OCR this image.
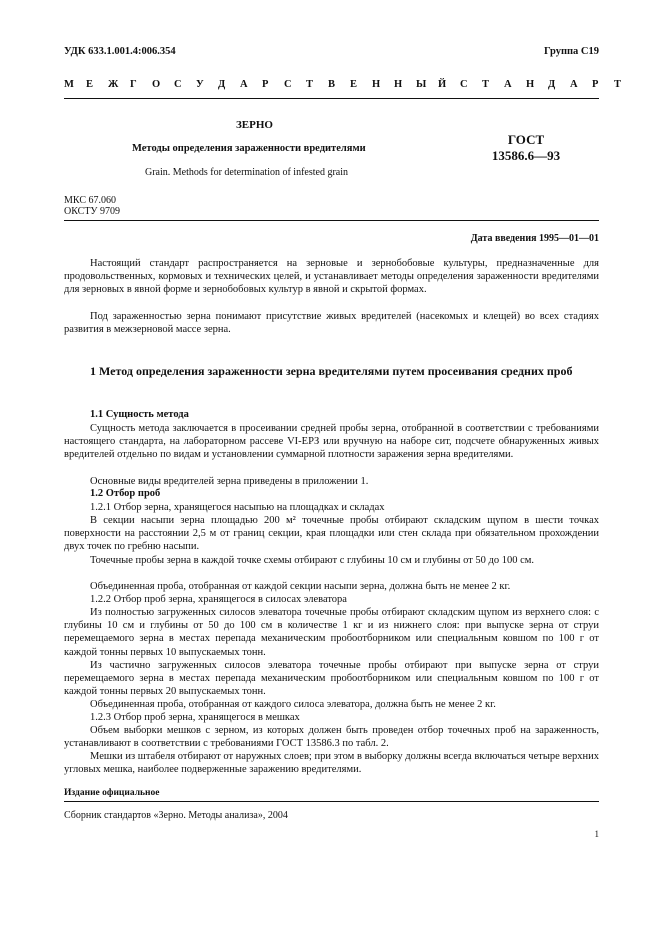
УДК 633.1.001.4:006.354	Группа С19
М	Е	Ж	Г	О	С	У	Д	А	Р	С	Т	В	Е	Н	Н	Ы	Й	С	Т	А	Н	Д	А	Р	Т
ЗЕРНО
Методы определения зараженности вредителями
Grain. Methods for determination of infested grain
ГОСТ
13586.6—93
МКС 67.060
ОКСТУ 9709
Дата введения 1995—01—01
Настоящий стандарт распространяется на зерновые и зернобобовые культуры, предназначенные для продовольственных, кормовых и технических целей, и устанавливает методы определения зараженности вредителями для зерновых в явной форме и зернобобовых культур в явной и скрытой формах.
Под зараженностью зерна понимают присутствие живых вредителей (насекомых и клещей) во всех стадиях развития в межзерновой массе зерна.
1 Метод определения зараженности зерна вредителями путем просеивания средних проб
1.1 Сущность метода
Сущность метода заключается в просеивании средней пробы зерна, отобранной в соответствии с требованиями настоящего стандарта, на лабораторном рассеве VI-ЕРЗ или вручную на наборе сит, подсчете обнаруженных живых вредителей отдельно по видам и установлении суммарной плотности заражения зерна вредителями.
Основные виды вредителей зерна приведены в приложении 1.
1.2 Отбор проб
1.2.1 Отбор зерна, хранящегося насыпью на площадках и складах
В секции насыпи зерна площадью 200 м² точечные пробы отбирают складским щупом в шести точках поверхности на расстоянии 2,5 м от границ секции, края площадки или стен склада при обязательном прохождении двух точек по гребню насыпи.
Точечные пробы зерна в каждой точке схемы отбирают с глубины 10 см и глубины от 50 до 100 см.
Объединенная проба, отобранная от каждой секции насыпи зерна, должна быть не менее 2 кг.
1.2.2 Отбор проб зерна, хранящегося в силосах элеватора
Из полностью загруженных силосов элеватора точечные пробы отбирают складским щупом из верхнего слоя: с глубины 10 см и глубины от 50 до 100 см в количестве 1 кг и из нижнего слоя: при выпуске зерна от струи перемещаемого зерна в местах перепада механическим пробоотборником или специальным ковшом по 100 г от каждой тонны первых 10 выпускаемых тонн.
Из частично загруженных силосов элеватора точечные пробы отбирают при выпуске зерна от струи перемещаемого зерна в местах перепада механическим пробоотборником или специальным ковшом по 100 г от каждой тонны первых 20 выпускаемых тонн.
Объединенная проба, отобранная от каждого силоса элеватора, должна быть не менее 2 кг.
1.2.3 Отбор проб зерна, хранящегося в мешках
Объем выборки мешков с зерном, из которых должен быть проведен отбор точечных проб на зараженность, устанавливают в соответствии с требованиями ГОСТ 13586.3 по табл. 2.
Мешки из штабеля отбирают от наружных слоев; при этом в выборку должны всегда включаться четыре верхних угловых мешка, наиболее подверженные заражению вредителями.
Издание официальное
Сборник стандартов «Зерно. Методы анализа», 2004
1
